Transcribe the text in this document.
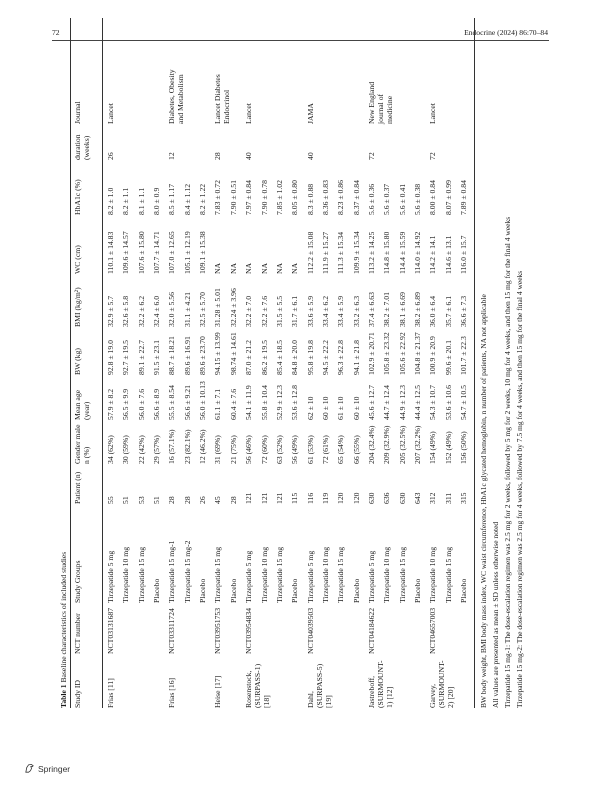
72	Endocrine (2024) 86:70–84
Table 1 Baseline characteristics of included studies
Study ID
NCT number
Study Groups
Patient (n)
Gender male n (%)
Mean age (year)
BW (kg)
BMI (kg/m²)
WC (cm)
HbA1c (%)
duration (weeks)
Journal
Frias [11]
NCT03131687
Tirzepatide 5 mg
55
34 (62%)
57.9 ± 8.2
92.8 ± 19.0
32.9 ± 5.7
110.1 ± 14.83
8.2 ± 1.0
26
Lancet
Tirzepatide 10 mg
51
30 (59%)
56.5 ± 9.9
92.7 ± 19.5
32.6 ± 5.8
109.6 ± 14.57
8.2 ± 1.1
Tirzepatide 15 mg
53
22 (42%)
56.0 ± 7.6
89.1 ± 22.7
32.2 ± 6.2
107.6 ± 15.80
8.1 ± 1.1
Placebo
51
29 (57%)
56.6 ± 8.9
91.5 ± 23.1
32.4 ± 6.0
107.7 ± 14.71
8.0 ± 0.9
Frias [16]
NCT03311724
Tirzepatide 15 mg-1
28
16 (57.1%)
55.5 ± 8.54
88.7 ± 18.21
32.0 ± 5.56
107.0 ± 12.65
8.5 ± 1.17
12
Diabetes, Obesity and Metabolism
Tirzepatide 15 mg-2
28
23 (82.1%)
56.6 ± 9.21
89.6 ± 16.91
31.1 ± 4.21
105.1 ± 12.19
8.4 ± 1.12
Placebo
26
12 (46.2%)
56.0 ± 10.13
89.6 ± 23.70
32.5 ± 5.70
109.1 ± 15.38
8.2 ± 1.22
Heise [17]
NCT03951753
Tirzepatide 15 mg
45
31 (69%)
61.1 ± 7.1
94.15 ± 13.99
31.28 ± 5.01
NA
7.83 ± 0.72
28
Lancet Diabetes Endocrinol
Placebo
28
21 (75%)
60.4 ± 7.6
98.74 ± 14.61
32.24 ± 3.96
NA
7.90 ± 0.51
Rosenstock, (SURPASS-1) [18]
NCT03954834
Tirzepatide 5 mg
121
56 (46%)
54.1 ± 11.9
87.0 ± 21.2
32.2 ± 7.0
NA
7.97 ± 0.84
40
Lancet
Tirzepatide 10 mg
121
72 (60%)
55.8 ± 10.4
86.2 ± 19.5
32.2 ± 7.6
NA
7.90 ± 0.78
Tirzepatide 15 mg
121
63 (52%)
52.9 ± 12.3
85.4 ± 18.5
31.5 ± 5.5
NA
7.85 ± 1.02
Placebo
115
56 (49%)
53.6 ± 12.8
84.8 ± 20.0
31.7 ± 6.1
NA
8.05 ± 0.80
Dahl, (SURPASS-5) [19]
NCT04039503
Tirzepatide 5 mg
116
61 (53%)
62 ± 10
95.8 ± 19.8
33.6 ± 5.9
112.2 ± 15.08
8.3 ± 0.88
40
JAMA
Tirzepatide 10 mg
119
72 (61%)
60 ± 10
94.5 ± 22.2
33.4 ± 6.2
111.9 ± 15.27
8.36 ± 0.83
Tirzepatide 15 mg
120
65 (54%)
61 ± 10
96.3 ± 22.8
33.4 ± 5.9
111.3 ± 15.34
8.23 ± 0.86
Placebo
120
66 (55%)
60 ± 10
94.1 ± 21.8
33.2 ± 6.3
109.9 ± 15.34
8.37 ± 0.84
Jastreboff, (SURMOUNT-1) [12]
NCT04184622
Tirzepatide 5 mg
630
204 (32.4%)
45.6 ± 12.7
102.9 ± 20.71
37.4 ± 6.63
113.2 ± 14.25
5.6 ± 0.36
72
New England journal of medicine
Tirzepatide 10 mg
636
209 (32.9%)
44.7 ± 12.4
105.8 ± 23.32
38.2 ± 7.01
114.8 ± 15.80
5.6 ± 0.37
Tirzepatide 15 mg
630
205 (32.5%)
44.9 ± 12.3
105.6 ± 22.92
38.1 ± 6.69
114.4 ± 15.59
5.6 ± 0.41
Placebo
643
207 (32.2%)
44.4 ± 12.5
104.8 ± 21.37
38.2 ± 6.89
114.0 ± 14.92
5.6 ± 0.38
Garvey, (SURMOUNT-2) [20]
NCT04657003
Tirzepatide 10 mg
312
154 (49%)
54.3 ± 10.7
100.9 ± 20.9
36.0 ± 6.4
114.2 ± 14.1
8.00 ± 0.84
72
Lancet
Tirzepatide 15 mg
311
152 (49%)
53.6 ± 10.6
99.6 ± 20.1
35.7 ± 6.1
114.6 ± 13.1
8.07 ± 0.99
Placebo
315
156 (50%)
54.7 ± 10.5
101.7 ± 22.3
36.6 ± 7.3
116.0 ± 15.7
7.89 ± 0.84
BW body weight, BMI body mass index, WC waist circumference, HbA1c glycated hemoglobin, n number of patients, NA not applicable All values are presented as mean ± SD unless otherwise noted Tirzepatide 15 mg-1: The dose-escalation regimen was 2.5 mg for 2 weeks, followed by 5 mg for 2 weeks, 10 mg for 4 weeks, and then 15 mg for the final 4 weeks Tirzepatide 15 mg-2: The dose-escalation regimen was 2.5 mg for 4 weeks, followed by 7.5 mg for 4 weeks, and then 15 mg for the final 4 weeks
Springer
